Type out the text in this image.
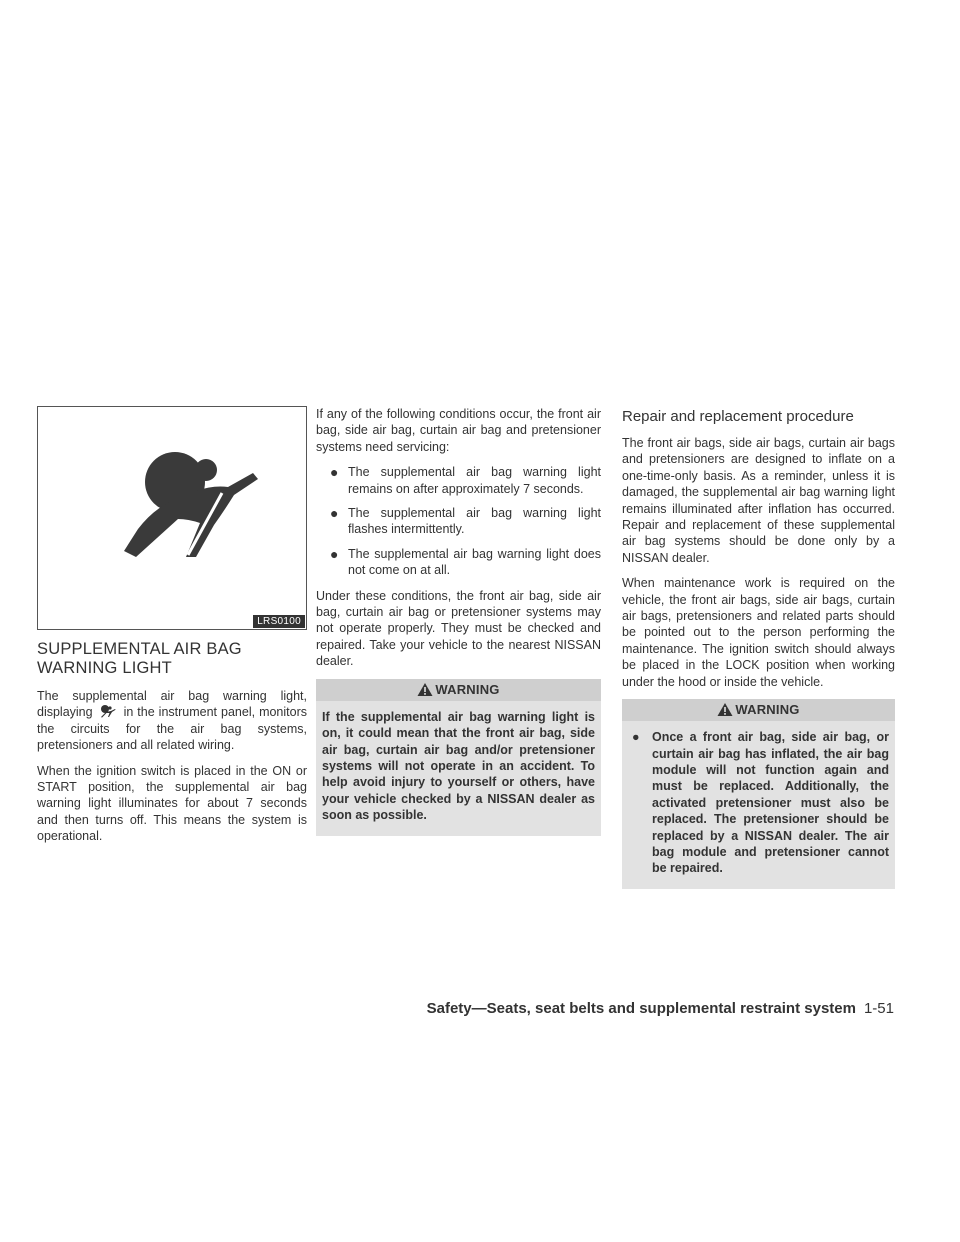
LRS0100
SUPPLEMENTAL AIR BAG
WARNING LIGHT

The supplemental air bag warning light, displaying in the instrument panel, monitors the circuits for the air bag systems, pretensioners and all related wiring.

When the ignition switch is placed in the ON or START position, the supplemental air bag warning light illuminates for about 7 seconds and then turns off. This means the system is operational.

If any of the following conditions occur, the front air bag, side air bag, curtain air bag and pretensioner systems need servicing:

● The supplemental air bag warning light remains on after approximately 7 seconds.
● The supplemental air bag warning light flashes intermittently.
● The supplemental air bag warning light does not come on at all.

Under these conditions, the front air bag, side air bag, curtain air bag or pretensioner systems may not operate properly. They must be checked and repaired. Take your vehicle to the nearest NISSAN dealer.

WARNING
If the supplemental air bag warning light is on, it could mean that the front air bag, side air bag, curtain air bag and/or pretensioner systems will not operate in an accident. To help avoid injury to yourself or others, have your vehicle checked by a NISSAN dealer as soon as possible.
Repair and replacement procedure

The front air bags, side air bags, curtain air bags and pretensioners are designed to inflate on a one-time-only basis. As a reminder, unless it is damaged, the supplemental air bag warning light remains illuminated after inflation has occurred. Repair and replacement of these supplemental air bag systems should be done only by a NISSAN dealer.

When maintenance work is required on the vehicle, the front air bags, side air bags, curtain air bags, pretensioners and related parts should be pointed out to the person performing the maintenance. The ignition switch should always be placed in the LOCK position when working under the hood or inside the vehicle.

WARNING
● Once a front air bag, side air bag, or curtain air bag has inflated, the air bag module will not function again and must be replaced. Additionally, the activated pretensioner must also be replaced. The pretensioner should be replaced by a NISSAN dealer. The air bag module and pretensioner cannot be repaired.
Safety—Seats, seat belts and supplemental restraint system 1-51
